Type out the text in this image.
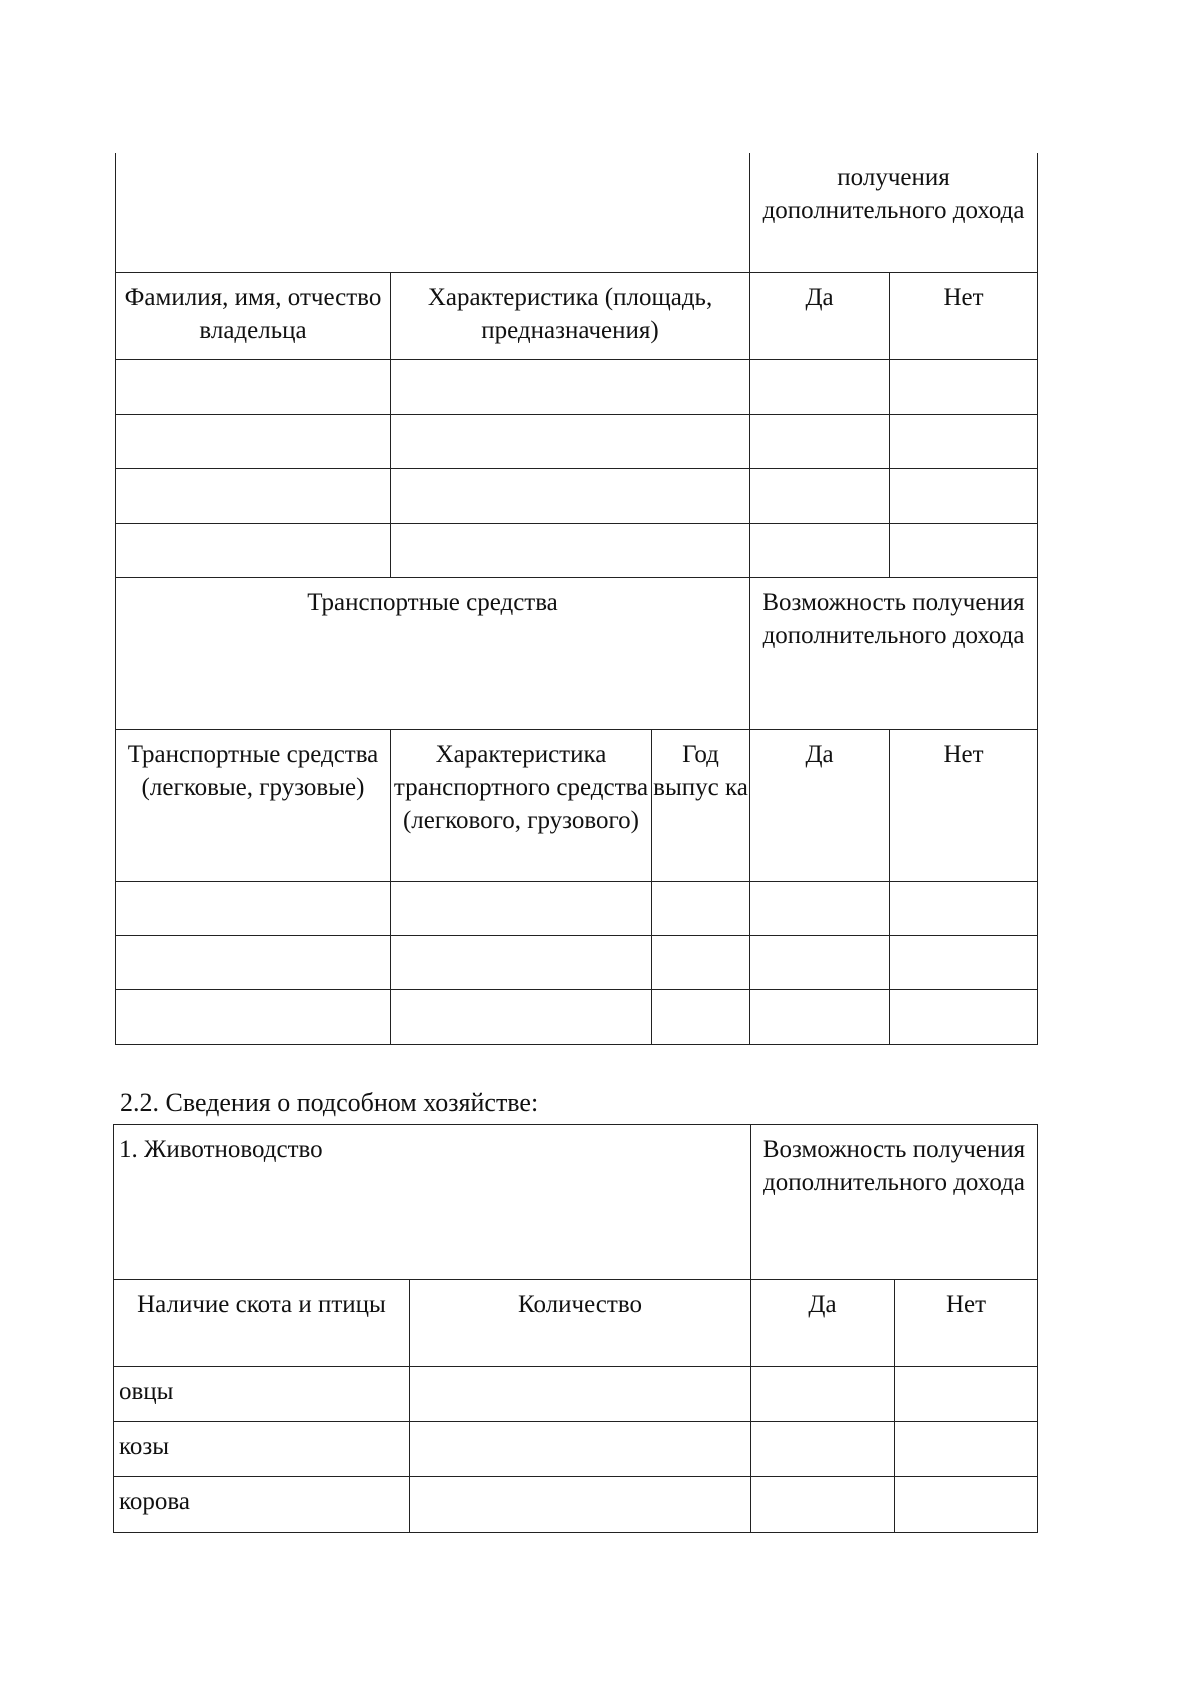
			получения дополнительного дохода	

Фамилия, имя, отчество владельца	Характеристика (площадь, предназначения)		Да	Нет

Транспортные средства			Возможность получения дополнительного дохода	

Транспортные средства (легковые, грузовые)	Характеристика транспортного средства (легкового, грузового)	Год выпус ка	Да	Нет

2.2. Сведения о подсобном хозяйстве:
1. Животноводство		Возможность получения дополнительного дохода	

Наличие скота и птицы	Количество	Да	Нет

овцы			

козы			

корова			
